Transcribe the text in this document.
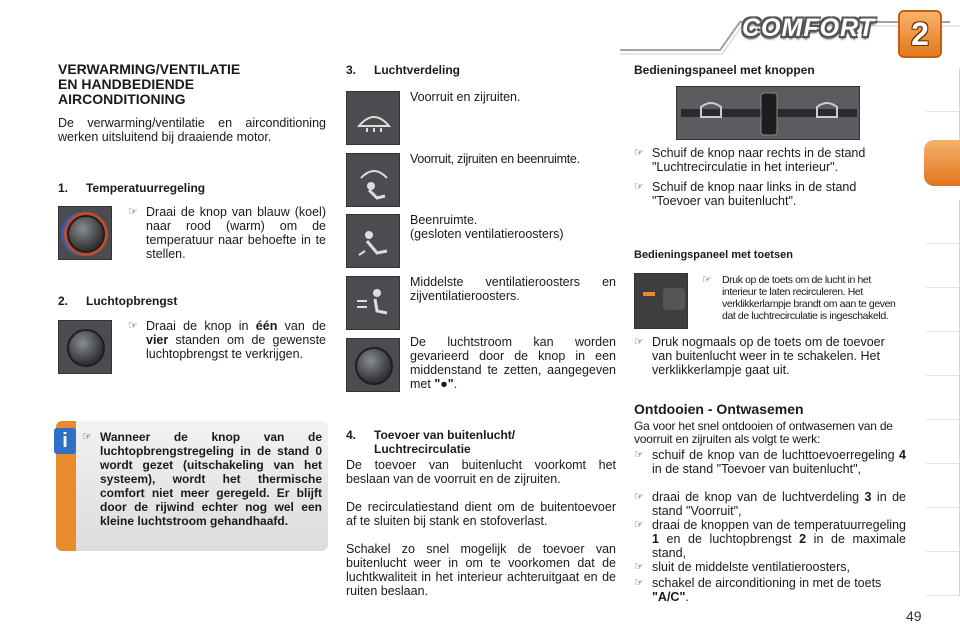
COMFORT	2
VERWARMING/VENTILATIE
EN HANDBEDIENDE
AIRCONDITIONING
De verwarming/ventilatie en airconditioning werken uitsluitend bij draaiende motor.
1.	Temperatuurregeling
☞ Draai de knop van blauw (koel) naar rood (warm) om de temperatuur naar behoefte in te stellen.
2.	Luchtopbrengst
☞ Draai de knop in één van de vier standen om de gewenste luchtopbrengst te verkrijgen.
i	☞ Wanneer de knop van de luchtopbrengstregeling in de stand 0 wordt gezet (uitschakeling van het systeem), wordt het thermische comfort niet meer geregeld. Er blijft door de rijwind echter nog wel een kleine luchtstroom gehandhaafd.
3.	Luchtverdeling
Voorruit en zijruiten.
Voorruit, zijruiten en beenruimte.
Beenruimte.
(gesloten ventilatieroosters)
Middelste ventilatieroosters en zijventilatieroosters.
De luchtstroom kan worden gevarieerd door de knop in een middenstand te zetten, aangegeven met "●".
4.	Toevoer van buitenlucht/
Luchtrecirculatie
De toevoer van buitenlucht voorkomt het beslaan van de voorruit en de zijruiten.
De recirculatiestand dient om de buitentoevoer af te sluiten bij stank en stofoverlast.
Schakel zo snel mogelijk de toevoer van buitenlucht weer in om te voorkomen dat de luchtkwaliteit in het interieur achteruitgaat en de ruiten beslaan.
Bedieningspaneel met knoppen
☞ Schuif de knop naar rechts in de stand "Luchtrecirculatie in het interieur".
☞ Schuif de knop naar links in de stand "Toevoer van buitenlucht".
Bedieningspaneel met toetsen
☞	Druk op de toets om de lucht in het interieur te laten recirculeren. Het verklikkerlampje brandt om aan te geven dat de luchtrecirculatie is ingeschakeld.
☞ Druk nogmaals op de toets om de toevoer van buitenlucht weer in te schakelen. Het verklikkerlampje gaat uit.
Ontdooien - Ontwasemen
Ga voor het snel ontdooien of ontwasemen van de voorruit en zijruiten als volgt te werk:
☞ schuif de knop van de luchttoevoerregeling 4 in de stand "Toevoer van buitenlucht",
☞ draai de knop van de luchtverdeling 3 in de stand "Voorruit",
☞ draai de knoppen van de temperatuurregeling 1 en de luchtopbrengst 2 in de maximale stand,
☞ sluit de middelste ventilatieroosters,
☞ schakel de airconditioning in met de toets "A/C".
49
